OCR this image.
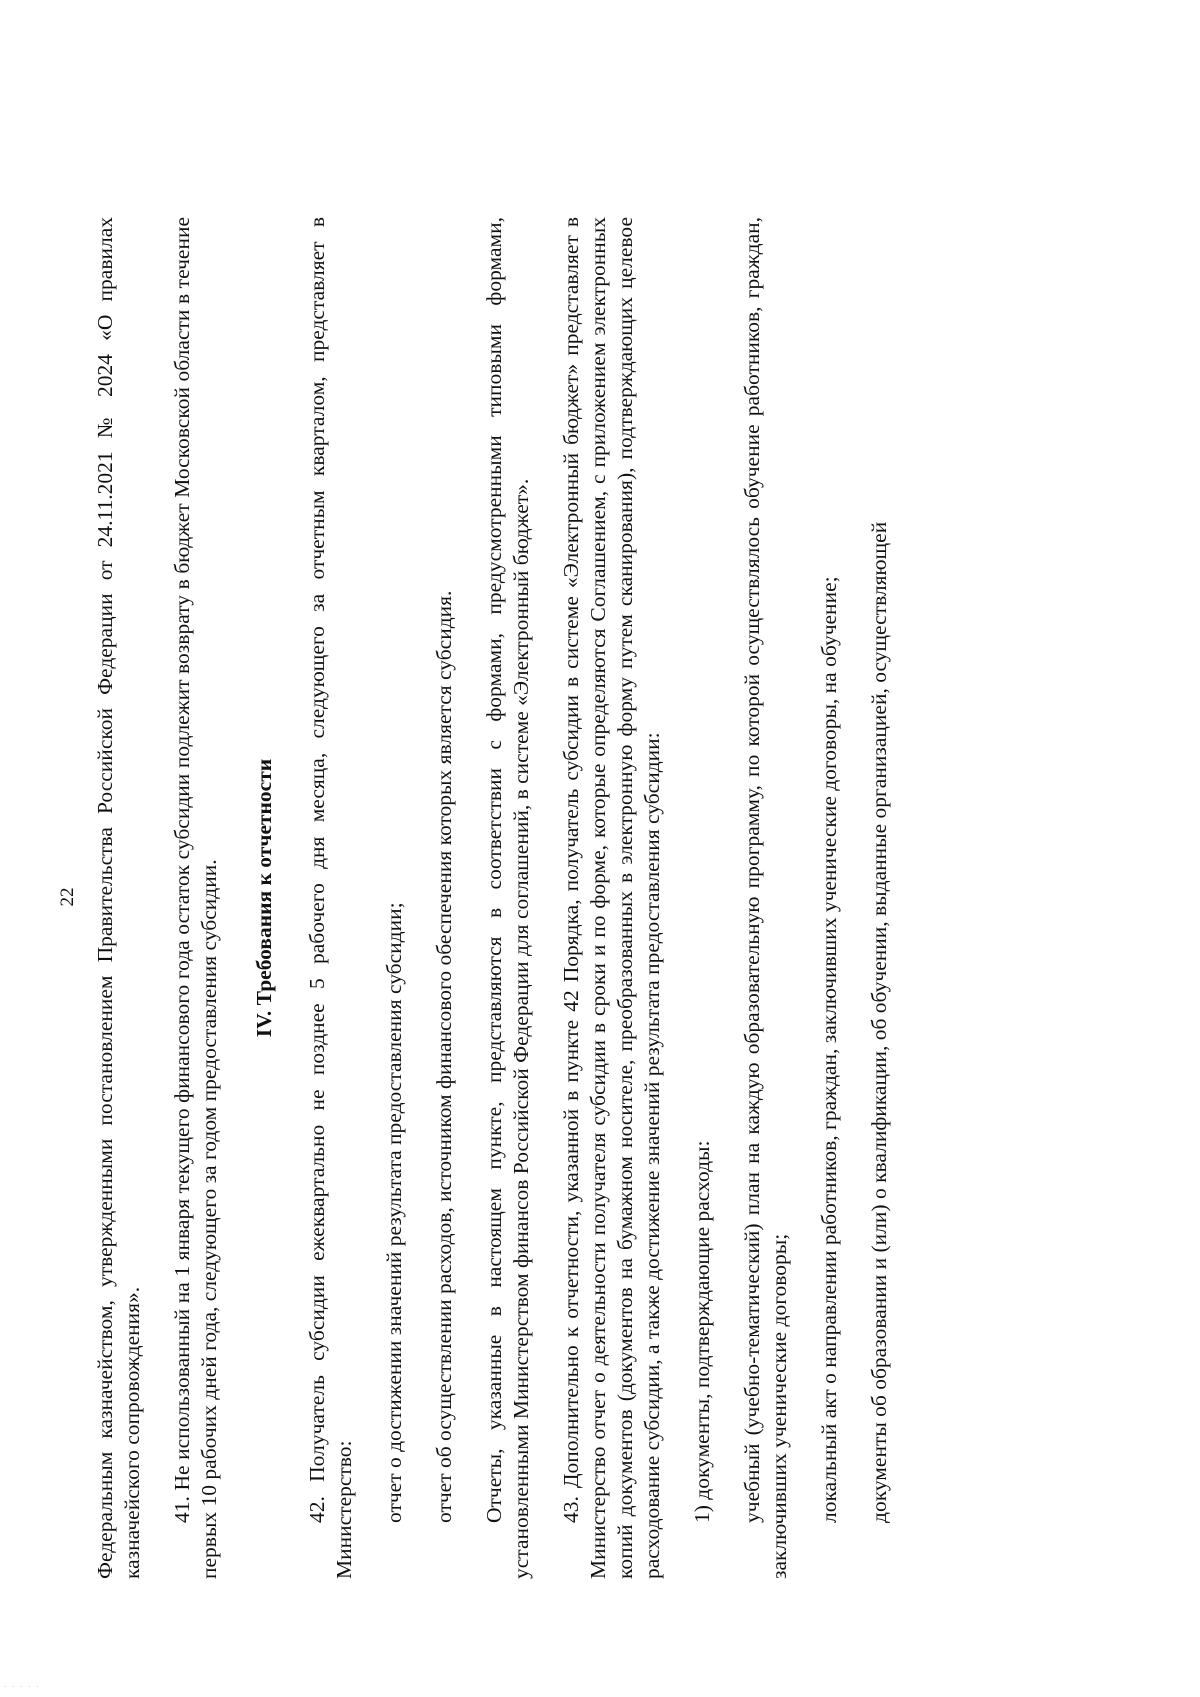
22 Федеральным казначейством, утвержденными постановлением Правительства Российской Федерации от 24.11.2021 № 2024 «О правилах казначейского сопровождения». 41. Не использованный на 1 января текущего финансового года остаток субсидии подлежит возврату в бюджет Московской области в течение первых 10 рабочих дней года, следующего за годом предоставления субсидии. IV. Требования к отчетности 42. Получатель субсидии ежеквартально не позднее 5 рабочего дня месяца, следующего за отчетным кварталом, представляет в Министерство: отчет о достижении значений результата предоставления субсидии; отчет об осуществлении расходов, источником финансового обеспечения которых является субсидия. Отчеты, указанные в настоящем пункте, представляются в соответствии с формами, предусмотренными типовыми формами, установленными Министерством финансов Российской Федерации для соглашений, в системе «Электронный бюджет». 43. Дополнительно к отчетности, указанной в пункте 42 Порядка, получатель субсидии в системе «Электронный бюджет» представляет в Министерство отчет о деятельности получателя субсидии в сроки и по форме, которые определяются Соглашением, с приложением электронных копий документов (документов на бумажном носителе, преобразованных в электронную форму путем сканирования), подтверждающих целевое расходование субсидии, а также достижение значений результата предоставления субсидии: 1) документы, подтверждающие расходы: учебный (учебно-тематический) план на каждую образовательную программу, по которой осуществлялось обучение работников, граждан, заключивших ученические договоры; локальный акт о направлении работников, граждан, заключивших ученические договоры, на обучение; документы об образовании и (или) о квалификации, об обучении, выданные организацией, осуществляющей

· · · · ·
